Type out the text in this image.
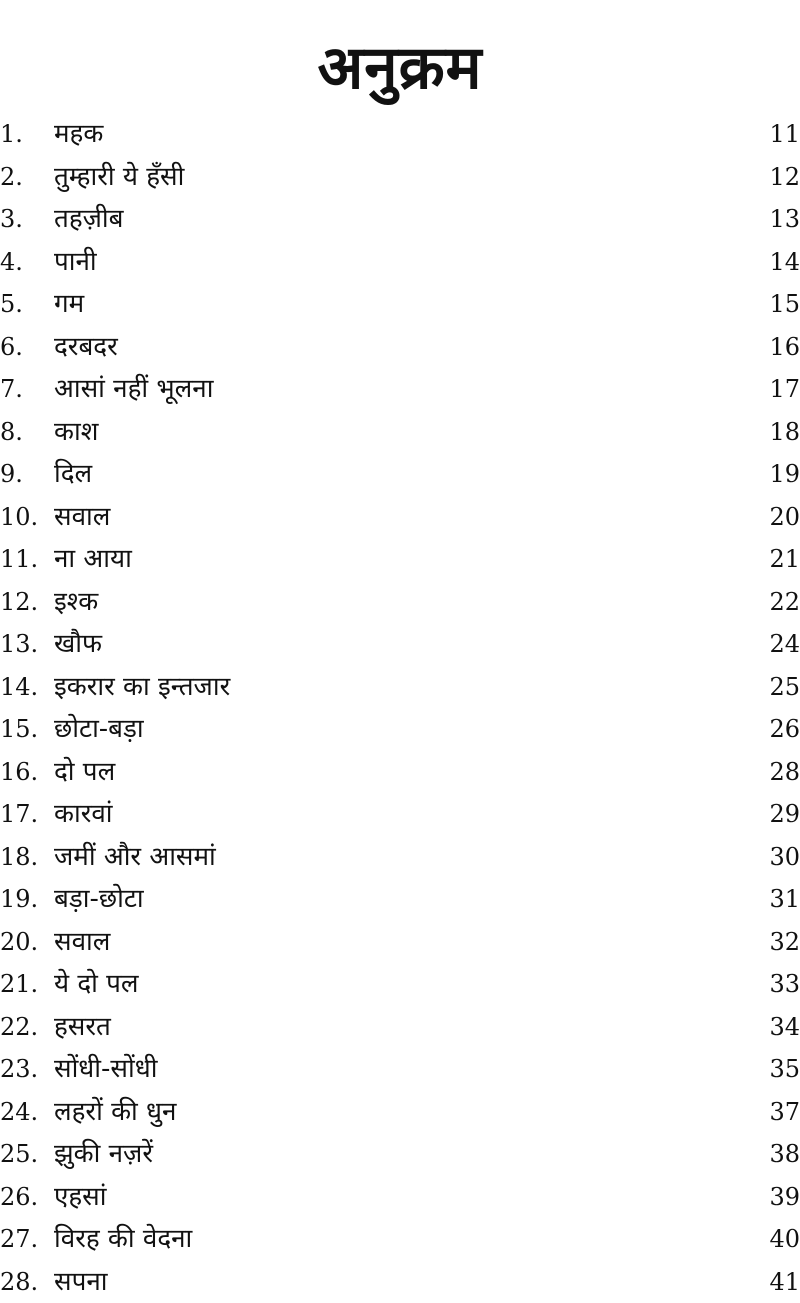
अनुक्रम
1.	महक	11
2.	तुम्हारी ये हँसी	12
3.	तहज़ीब	13
4.	पानी	14
5.	गम	15
6.	दरबदर	16
7.	आसां नहीं भूलना	17
8.	काश	18
9.	दिल	19
10. सवाल	20
11. ना आया	21
12. इश्क	22
13. खौफ	24
14. इकरार का इन्तजार	25
15. छोटा-बड़ा	26
16. दो पल	28
17. कारवां	29
18. जमीं और आसमां	30
19. बड़ा-छोटा	31
20. सवाल	32
21. ये दो पल	33
22. हसरत	34
23. सोंधी-सोंधी	35
24. लहरों की धुन	37
25. झुकी नज़रें	38
26. एहसां	39
27. विरह की वेदना	40
28. सपना	41
